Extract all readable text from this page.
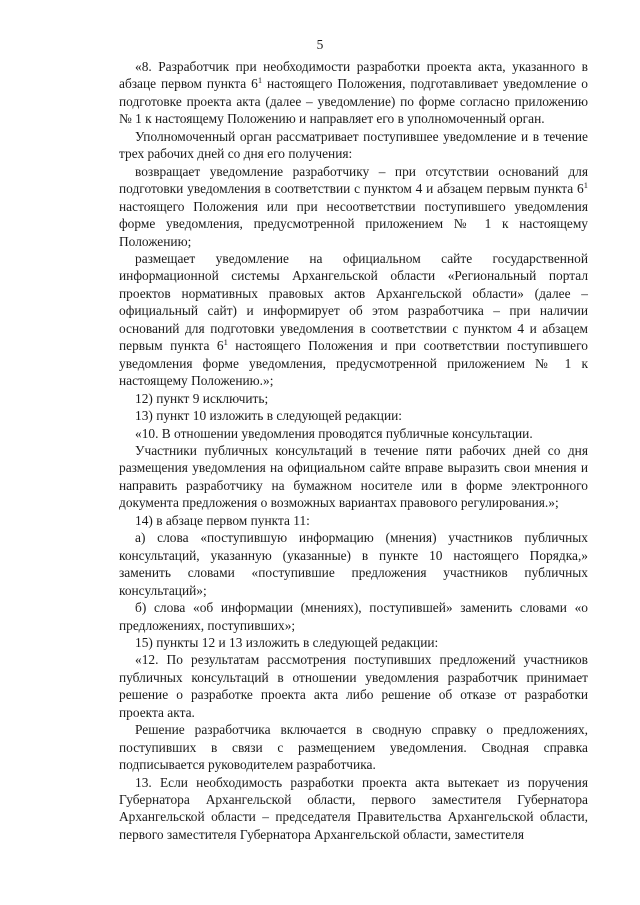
5

«8. Разработчик при необходимости разработки проекта акта, указанного в абзаце первом пункта $6^1$ настоящего Положения, подготавливает уведомление о подготовке проекта акта (далее – уведомление) по форме согласно приложению № 1 к настоящему Положению и направляет его в уполномоченный орган.

Уполномоченный орган рассматривает поступившее уведомление и в течение трех рабочих дней со дня его получения:

возвращает уведомление разработчику – при отсутствии оснований для подготовки уведомления в соответствии с пунктом 4 и абзацем первым пункта $6^1$ настоящего Положения или при несоответствии поступившего уведомления форме уведомления, предусмотренной приложением № 1 к настоящему Положению;

размещает уведомление на официальном сайте государственной информационной системы Архангельской области «Региональный портал проектов нормативных правовых актов Архангельской области» (далее – официальный сайт) и информирует об этом разработчика – при наличии оснований для подготовки уведомления в соответствии с пунктом 4 и абзацем первым пункта $6^1$ настоящего Положения и при соответствии поступившего уведомления форме уведомления, предусмотренной приложением № 1 к настоящему Положению.»;

12) пункт 9 исключить;

13) пункт 10 изложить в следующей редакции:

«10. В отношении уведомления проводятся публичные консультации.

Участники публичных консультаций в течение пяти рабочих дней со дня размещения уведомления на официальном сайте вправе выразить свои мнения и направить разработчику на бумажном носителе или в форме электронного документа предложения о возможных вариантах правового регулирования.»;

14) в абзаце первом пункта 11:

а) слова «поступившую информацию (мнения) участников публичных консультаций, указанную (указанные) в пункте 10 настоящего Порядка,» заменить словами «поступившие предложения участников публичных консультаций»;

б) слова «об информации (мнениях), поступившей» заменить словами «о предложениях, поступивших»;

15) пункты 12 и 13 изложить в следующей редакции:

«12. По результатам рассмотрения поступивших предложений участников публичных консультаций в отношении уведомления разработчик принимает решение о разработке проекта акта либо решение об отказе от разработки проекта акта.

Решение разработчика включается в сводную справку о предложениях, поступивших в связи с размещением уведомления. Сводная справка подписывается руководителем разработчика.

13. Если необходимость разработки проекта акта вытекает из поручения Губернатора Архангельской области, первого заместителя Губернатора Архангельской области – председателя Правительства Архангельской области, первого заместителя Губернатора Архангельской области, заместителя
